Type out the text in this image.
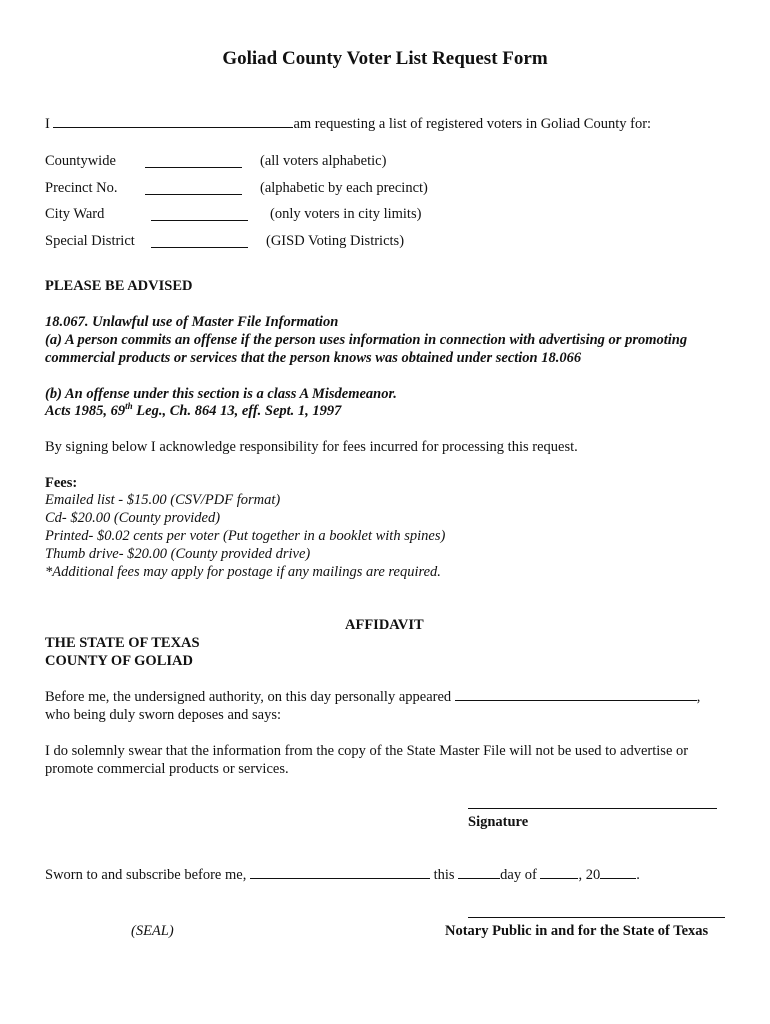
Goliad County Voter List Request Form
I	am requesting a list of registered voters in Goliad County for:
Countywide	(all voters alphabetic)
Precinct No.	(alphabetic by each precinct)
City Ward	(only voters in city limits)
Special District	(GISD Voting Districts)
PLEASE BE ADVISED
18.067. Unlawful use of Master File Information
(a) A person commits an offense if the person uses information in connection with advertising or promoting
commercial products or services that the person knows was obtained under section 18.066
(b) An offense under this section is a class A Misdemeanor.
Acts 1985, 69th Leg., Ch. 864 13, eff. Sept. 1, 1997
By signing below I acknowledge responsibility for fees incurred for processing this request.
Fees:
Emailed list - $15.00 (CSV/PDF format)
Cd- $20.00 (County provided)
Printed- $0.02 cents per voter (Put together in a booklet with spines)
Thumb drive- $20.00 (County provided drive)
*Additional fees may apply for postage if any mailings are required.
AFFIDAVIT
THE STATE OF TEXAS
COUNTY OF GOLIAD
Before me, the undersigned authority, on this day personally appeared	,
who being duly sworn deposes and says:
I do solemnly swear that the information from the copy of the State Master File will not be used to advertise or
promote commercial products or services.
Signature
Sworn to and subscribe before me,	this	day of	, 20 .
(SEAL)	Notary Public in and for the State of Texas
